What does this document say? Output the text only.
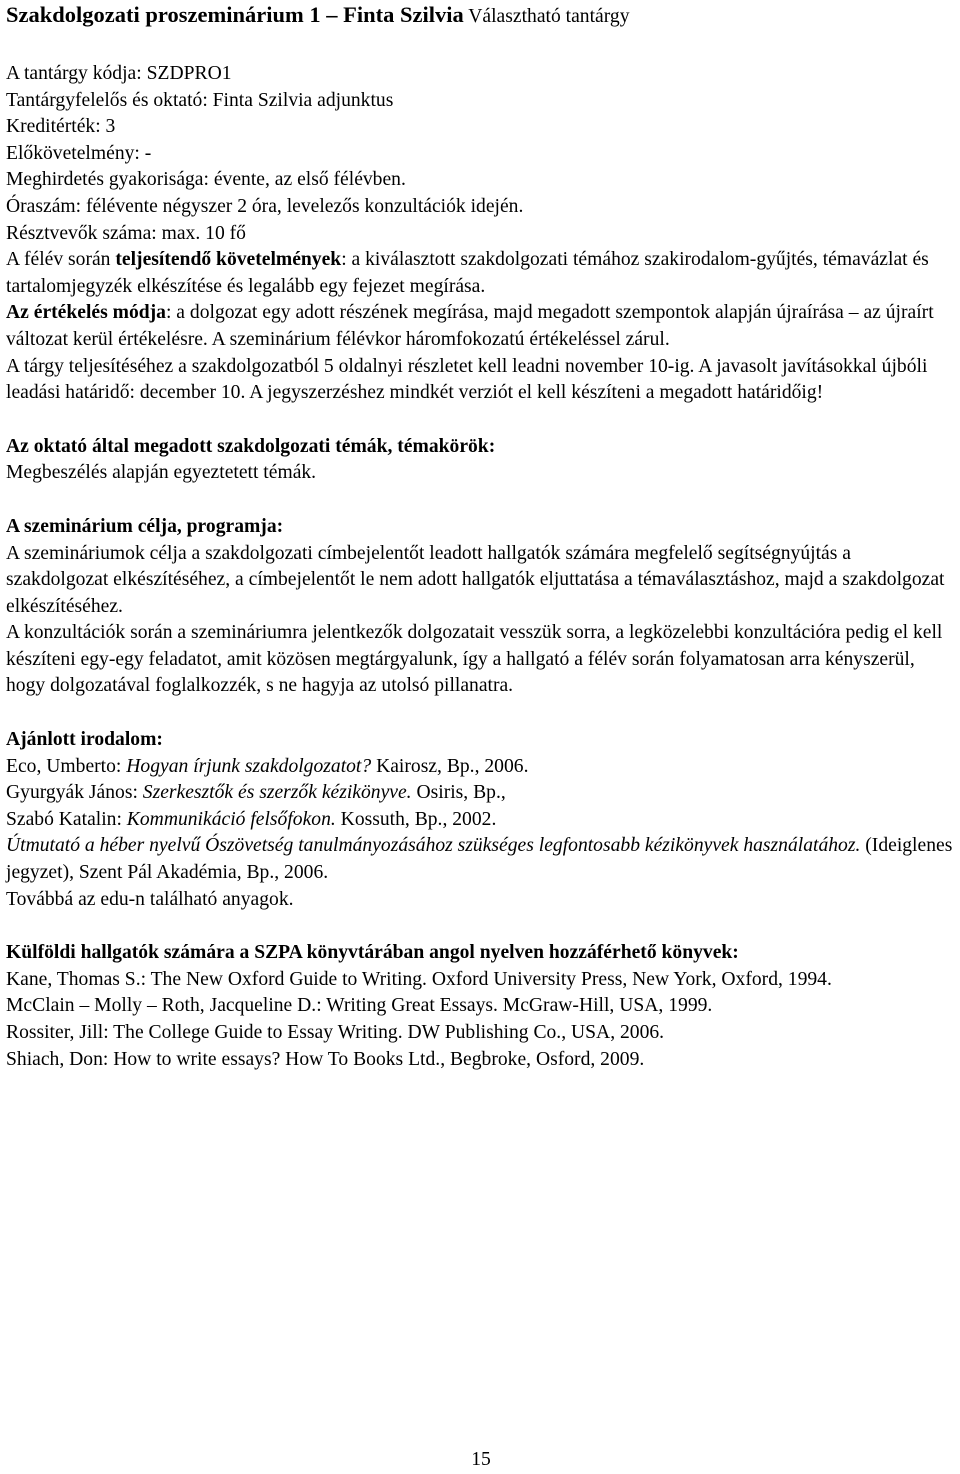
Szakdolgozati proszeminárium 1 – Finta Szilvia Választható tantárgy

A tantárgy kódja: SZDPRO1

Tantárgyfelelős és oktató: Finta Szilvia adjunktus

Kreditérték: 3

Előkövetelmény: -

Meghirdetés gyakorisága: évente, az első félévben.

Óraszám: félévente négyszer 2 óra, levelezős konzultációk idején.

Résztvevők száma: max. 10 fő

A félév során teljesítendő követelmények: a kiválasztott szakdolgozati témához szakirodalom-gyűjtés, témavázlat és tartalomjegyzék elkészítése és legalább egy fejezet megírása.

Az értékelés módja: a dolgozat egy adott részének megírása, majd megadott szempontok alapján újraírása – az újraírt változat kerül értékelésre. A szeminárium félévkor háromfokozatú értékeléssel zárul.

A tárgy teljesítéséhez a szakdolgozatból 5 oldalnyi részletet kell leadni november 10-ig. A javasolt javításokkal újbóli leadási határidő: december 10. A jegyszerzéshez mindkét verziót el kell készíteni a megadott határidőig!

Az oktató által megadott szakdolgozati témák, témakörök:

Megbeszélés alapján egyeztetett témák.

A szeminárium célja, programja:

A szemináriumok célja a szakdolgozati címbejelentőt leadott hallgatók számára megfelelő segítségnyújtás a szakdolgozat elkészítéséhez, a címbejelentőt le nem adott hallgatók eljuttatása a témaválasztáshoz, majd a szakdolgozat elkészítéséhez.

A konzultációk során a szemináriumra jelentkezők dolgozatait vesszük sorra, a legközelebbi konzultációra pedig el kell készíteni egy-egy feladatot, amit közösen megtárgyalunk, így a hallgató a félév során folyamatosan arra kényszerül, hogy dolgozatával foglalkozzék, s ne hagyja az utolsó pillanatra.

Ajánlott irodalom:

Eco, Umberto: Hogyan írjunk szakdolgozatot? Kairosz, Bp., 2006.

Gyurgyák János: Szerkesztők és szerzők kézikönyve. Osiris, Bp.,

Szabó Katalin: Kommunikáció felsőfokon. Kossuth, Bp., 2002.

Útmutató a héber nyelvű Ószövetség tanulmányozásához szükséges legfontosabb kézikönyvek használatához. (Ideiglenes jegyzet), Szent Pál Akadémia, Bp., 2006.

Továbbá az edu-n található anyagok.

Külföldi hallgatók számára a SZPA könyvtárában angol nyelven hozzáférhető könyvek:

Kane, Thomas S.: The New Oxford Guide to Writing. Oxford University Press, New York, Oxford, 1994.

McClain – Molly – Roth, Jacqueline D.: Writing Great Essays. McGraw-Hill, USA, 1999.

Rossiter, Jill: The College Guide to Essay Writing. DW Publishing Co., USA, 2006.

Shiach, Don: How to write essays? How To Books Ltd., Begbroke, Osford, 2009.

15
